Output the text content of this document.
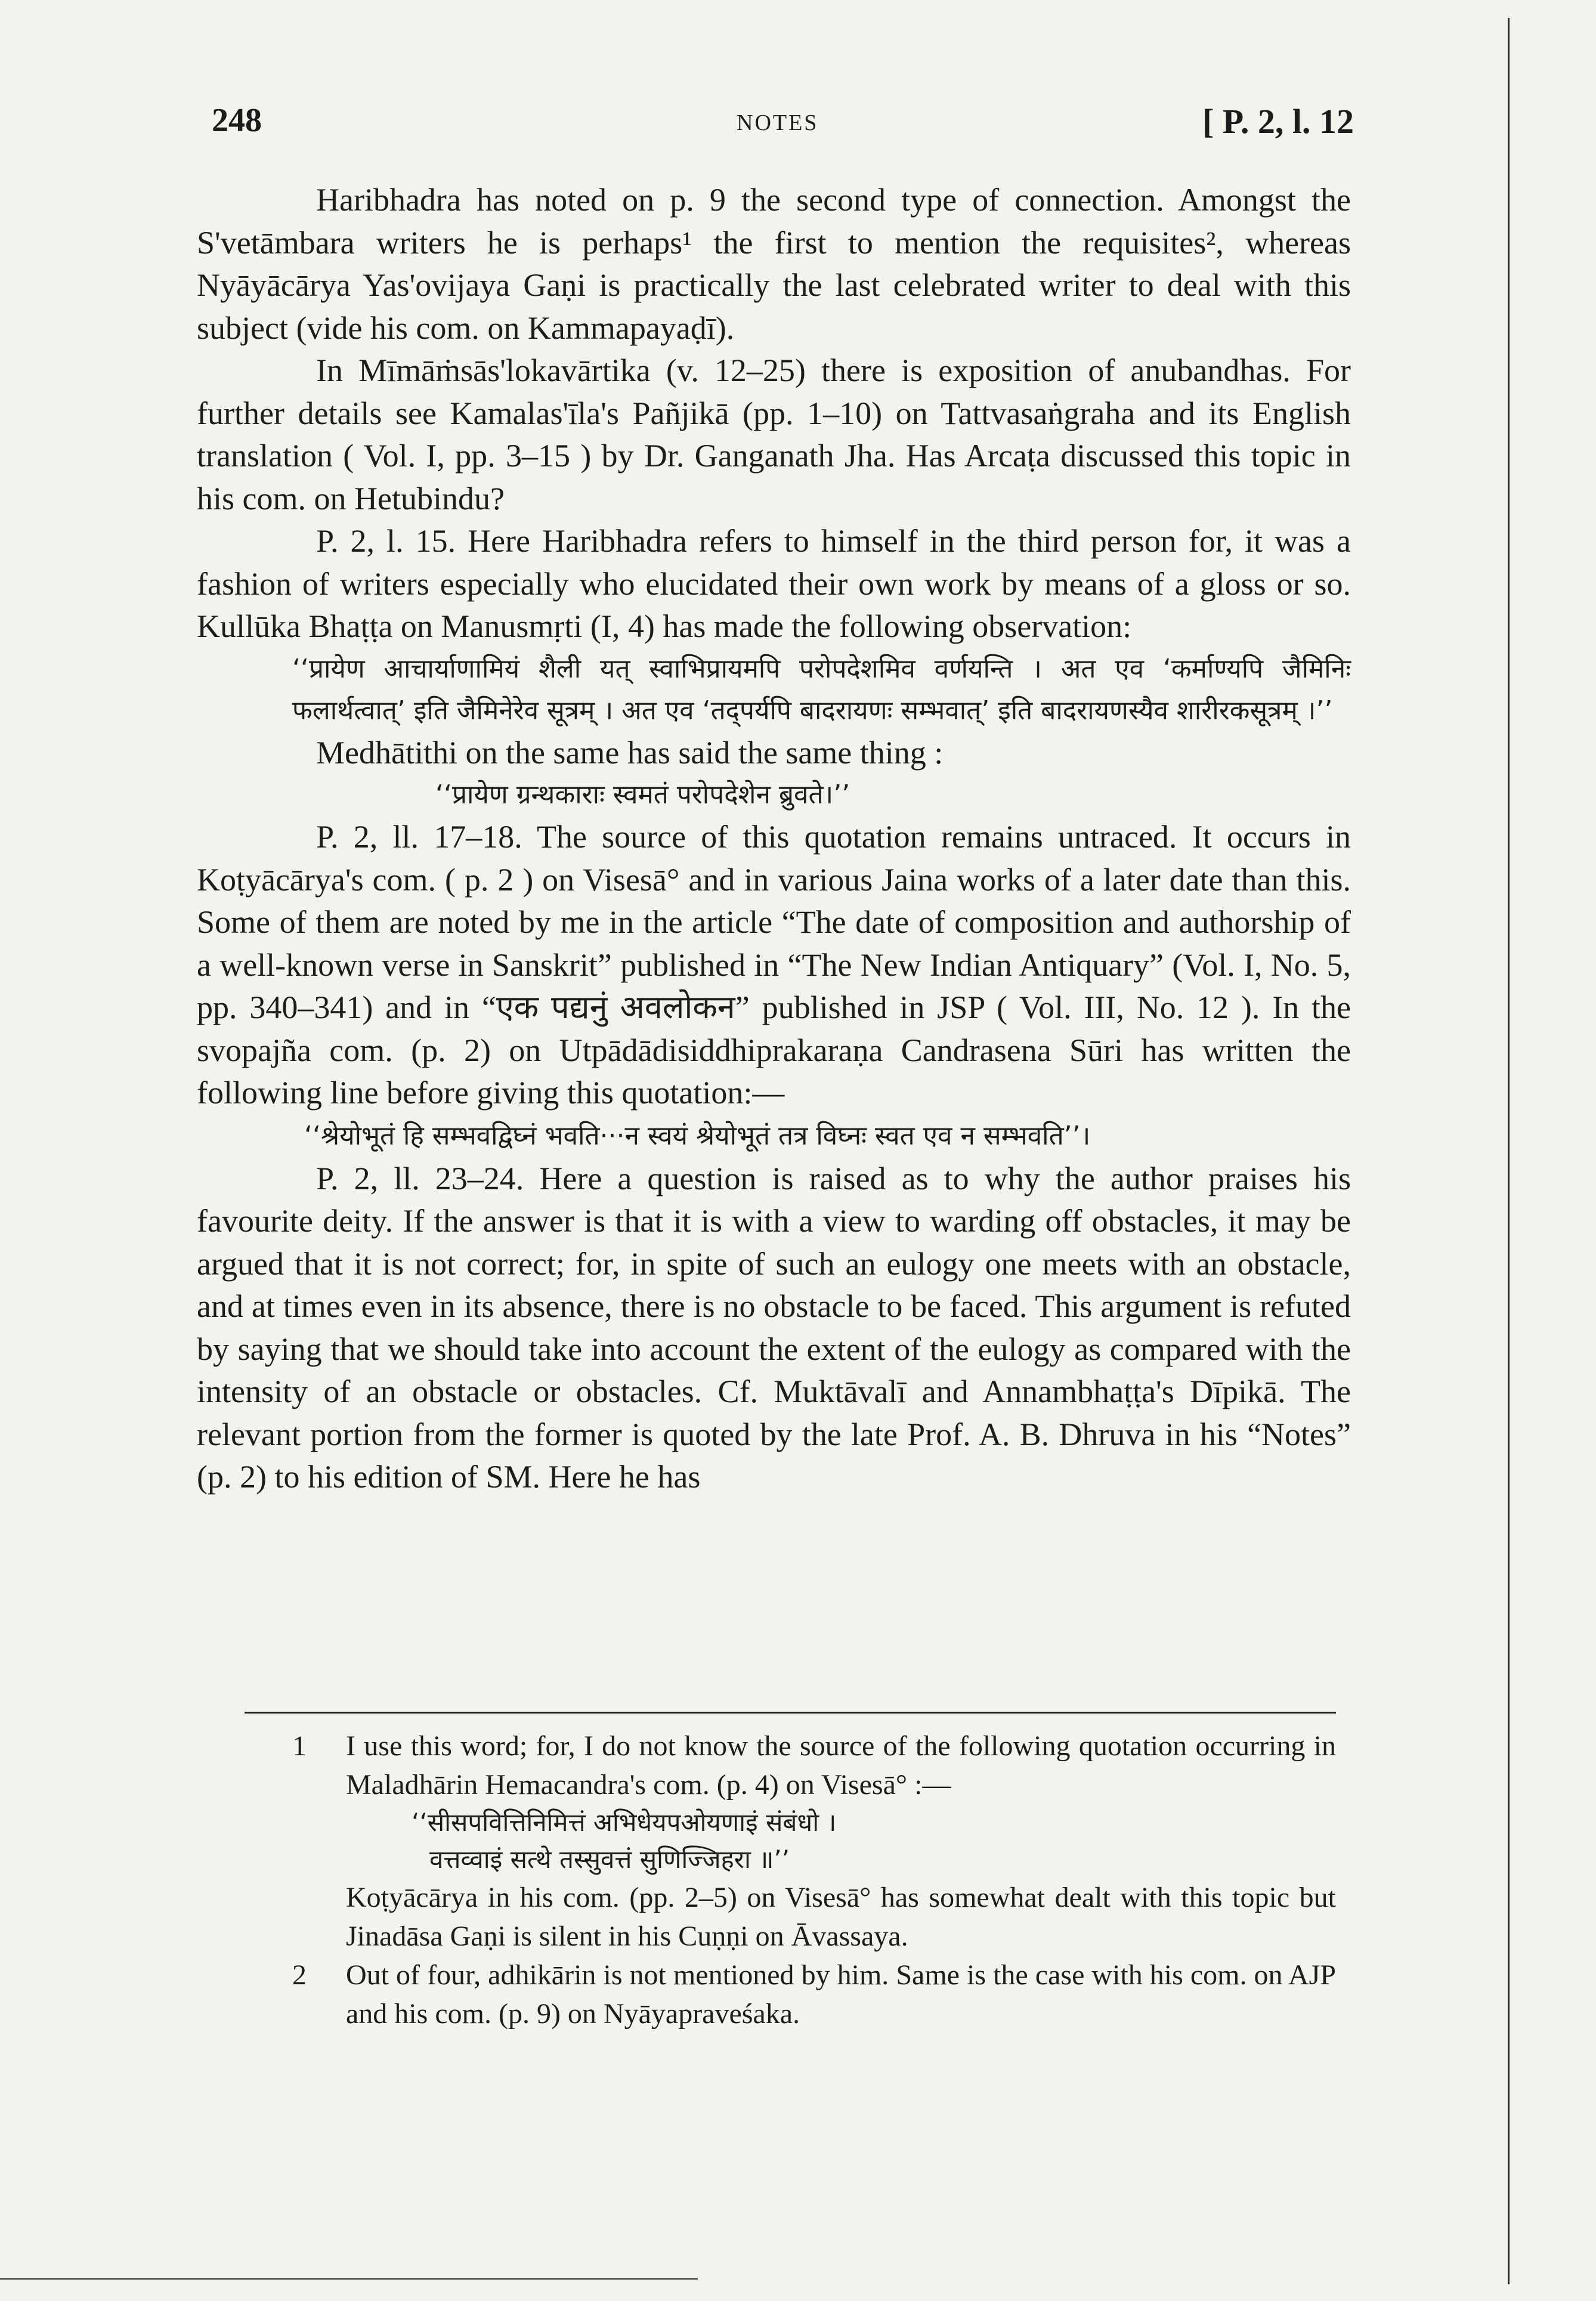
248	NOTES	[ P. 2, l. 12

Haribhadra has noted on p. 9 the second type of connection. Amongst the S'vetāmbara writers he is perhaps¹ the first to mention the requisites², whereas Nyāyācārya Yas'ovijaya Gaṇi is practically the last celebrated writer to deal with this subject (vide his com. on Kammapayaḍī).

In Mīmāṁsās'lokavārtika (v. 12–25) there is exposition of anubandhas. For further details see Kamalas'īla's Pañjikā (pp. 1–10) on Tattvasaṅgraha and its English translation ( Vol. I, pp. 3–15 ) by Dr. Ganganath Jha. Has Arcaṭa discussed this topic in his com. on Hetubindu?

P. 2, l. 15. Here Haribhadra refers to himself in the third person for, it was a fashion of writers especially who elucidated their own work by means of a gloss or so. Kullūka Bhaṭṭa on Manusmṛti (I, 4) has made the following observation:

‘‘प्रायेण आचार्याणामियं शैली यत् स्वाभिप्रायमपि परोपदेशमिव वर्णयन्ति । अत एव ‘कर्माण्यपि जैमिनिः फलार्थत्वात्’ इति जैमिनेरेव सूत्रम् । अत एव ‘तद्पर्यपि बादरायणः सम्भवात्’ इति बादरायणस्यैव शारीरकसूत्रम् ।’’

Medhātithi on the same has said the same thing :

‘‘प्रायेण ग्रन्थकाराः स्वमतं परोपदेशेन ब्रुवते।’’

P. 2, ll. 17–18. The source of this quotation remains untraced. It occurs in Koṭyācārya's com. ( p. 2 ) on Visesā° and in various Jaina works of a later date than this. Some of them are noted by me in the article “The date of composition and authorship of a well-known verse in Sanskrit” published in “The New Indian Antiquary” (Vol. I, No. 5, pp. 340–341) and in “एक पद्यनुं अवलोकन” published in JSP ( Vol. III, No. 12 ). In the svopajña com. (p. 2) on Utpādādisiddhiprakaraṇa Candrasena Sūri has written the following line before giving this quotation:—

‘‘श्रेयोभूतं हि सम्भवद्विघ्नं भवति···न स्वयं श्रेयोभूतं तत्र विघ्नः स्वत एव न सम्भवति’’।

P. 2, ll. 23–24. Here a question is raised as to why the author praises his favourite deity. If the answer is that it is with a view to warding off obstacles, it may be argued that it is not correct; for, in spite of such an eulogy one meets with an obstacle, and at times even in its absence, there is no obstacle to be faced. This argument is refuted by saying that we should take into account the extent of the eulogy as compared with the intensity of an obstacle or obstacles. Cf. Muktāvalī and Annambhaṭṭa's Dīpikā. The relevant portion from the former is quoted by the late Prof. A. B. Dhruva in his “Notes” (p. 2) to his edition of SM. Here he has

1 I use this word; for, I do not know the source of the following quotation occurring in Maladhārin Hemacandra's com. (p. 4) on Visesā° :—

‘‘सीसपवित्तिनिमित्तं अभिधेयपओयणाइं संबंधो ।

वत्तव्वाइं सत्थे तस्सुवत्तं सुणिज्जिहरा ॥’’

Koṭyācārya in his com. (pp. 2–5) on Visesā° has somewhat dealt with this topic but Jinadāsa Gaṇi is silent in his Cuṇṇi on Āvassaya.

2 Out of four, adhikārin is not mentioned by him. Same is the case with his com. on AJP and his com. (p. 9) on Nyāyapraveśaka.
